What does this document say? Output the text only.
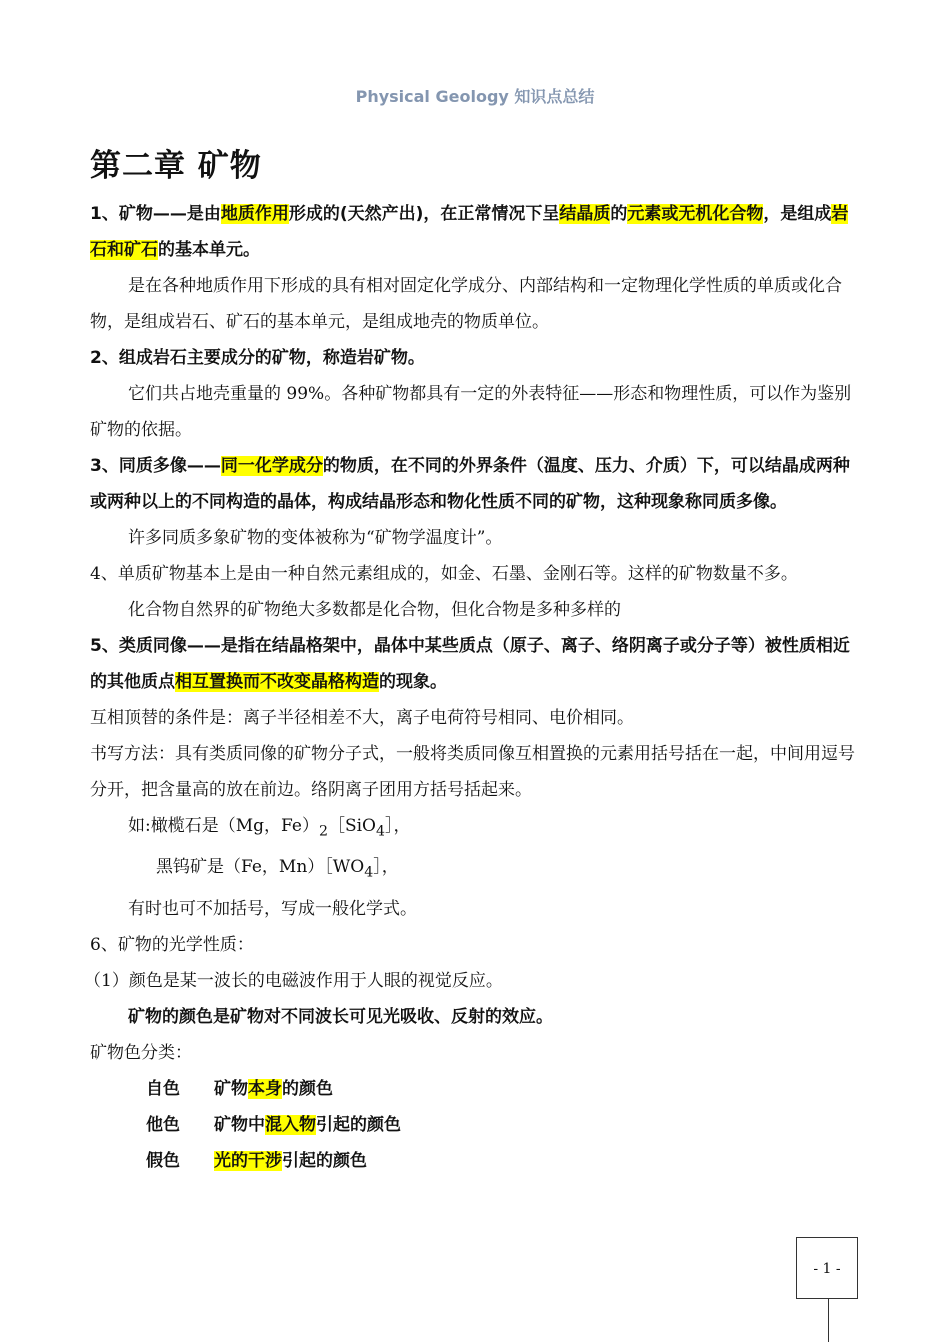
Physical Geology 知识点总结
第二章 矿物

1、矿物——是由地质作用形成的(天然产出)，在正常情况下呈结晶质的元素或无机化合物，是组成岩石和矿石的基本单元。

是在各种地质作用下形成的具有相对固定化学成分、内部结构和一定物理化学性质的单质或化合物，是组成岩石、矿石的基本单元，是组成地壳的物质单位。

2、组成岩石主要成分的矿物，称造岩矿物。

它们共占地壳重量的 99%。各种矿物都具有一定的外表特征——形态和物理性质，可以作为鉴别矿物的依据。

3、同质多像——同一化学成分的物质，在不同的外界条件（温度、压力、介质）下，可以结晶成两种或两种以上的不同构造的晶体，构成结晶形态和物化性质不同的矿物，这种现象称同质多像。

许多同质多象矿物的变体被称为“矿物学温度计”。

4、单质矿物基本上是由一种自然元素组成的，如金、石墨、金刚石等。这样的矿物数量不多。

化合物自然界的矿物绝大多数都是化合物，但化合物是多种多样的

5、类质同像——是指在结晶格架中，晶体中某些质点（原子、离子、络阴离子或分子等）被性质相近的其他质点相互置换而不改变晶格构造的现象。

互相顶替的条件是：离子半径相差不大，离子电荷符号相同、电价相同。

书写方法：具有类质同像的矿物分子式，一般将类质同像互相置换的元素用括号括在一起，中间用逗号分开，把含量高的放在前边。络阴离子团用方括号括起来。

如:橄榄石是（Mg，$Fe)_2[SiO_4]$，

黑钨矿是（Fe，$Mn)[WO_4]$，

有时也可不加括号，写成一般化学式。

6、矿物的光学性质：

（1）颜色是某一波长的电磁波作用于人眼的视觉反应。

矿物的颜色是矿物对不同波长可见光吸收、反射的效应。

矿物色分类：

自色	矿物本身的颜色

他色	矿物中混入物引起的颜色

假色	光的干涉引起的颜色

- 1 -
